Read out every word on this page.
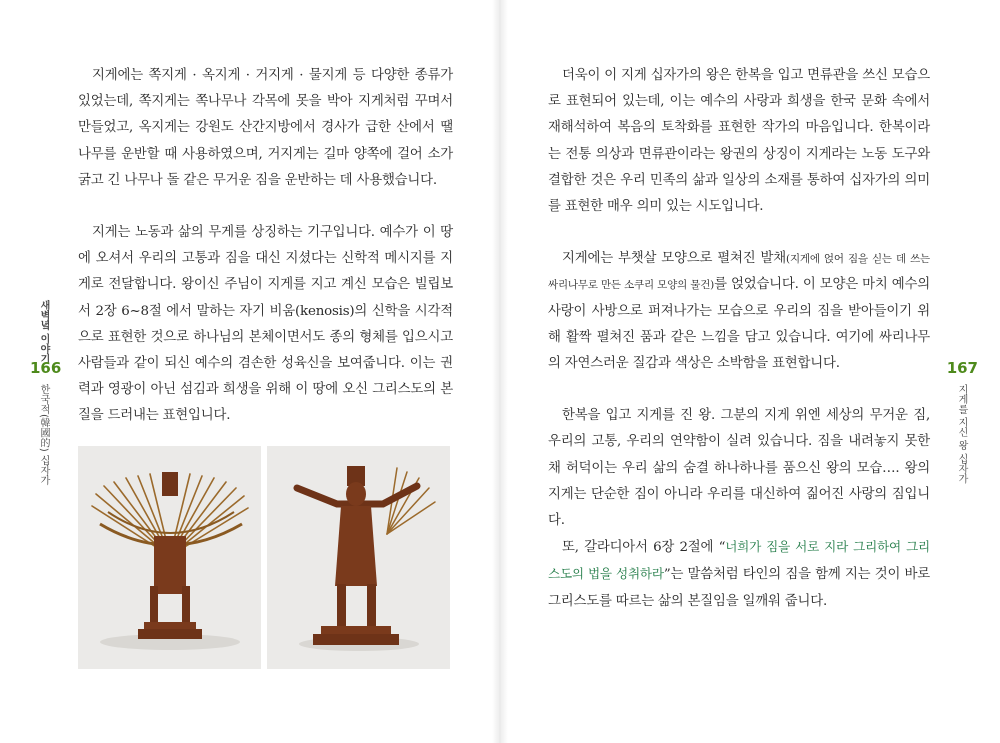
지게에는 쪽지게 · 옥지게 · 거지게 · 물지게 등 다양한 종류가 있었는데, 쪽지게는 쪽나무나 각목에 못을 박아 지게처럼 꾸며서 만들었고, 옥지게는 강원도 산간지방에서 경사가 급한 산에서 땔나무를 운반할 때 사용하였으며, 거지게는 길마 양쪽에 걸어 소가 굵고 긴 나무나 돌 같은 무거운 짐을 운반하는 데 사용했습니다.

지게는 노동과 삶의 무게를 상징하는 기구입니다. 예수가 이 땅에 오셔서 우리의 고통과 짐을 대신 지셨다는 신학적 메시지를 지게로 전달합니다. 왕이신 주님이 지게를 지고 계신 모습은 빌립보서 2장 6~8절 에서 말하는 자기 비움(kenosis)의 신학을 시각적으로 표현한 것으로 하나님의 본체이면서도 종의 형체를 입으시고 사람들과 같이 되신 예수의 겸손한 성육신을 보여줍니다. 이는 권력과 영광이 아닌 섬김과 희생을 위해 이 땅에 오신 그리스도의 본질을 드러내는 표현입니다.

새벽녘 이야기
166
한국적(韓國的) 십자가

더욱이 이 지게 십자가의 왕은 한복을 입고 면류관을 쓰신 모습으로 표현되어 있는데, 이는 예수의 사랑과 희생을 한국 문화 속에서 재해석하여 복음의 토착화를 표현한 작가의 마음입니다. 한복이라는 전통 의상과 면류관이라는 왕권의 상징이 지게라는 노동 도구와 결합한 것은 우리 민족의 삶과 일상의 소재를 통하여 십자가의 의미를 표현한 매우 의미 있는 시도입니다.

지게에는 부챗살 모양으로 펼쳐진 발채(지게에 얹어 짐을 싣는 데 쓰는 싸리나무로 만든 소쿠리 모양의 물건)를 얹었습니다. 이 모양은 마치 예수의 사랑이 사방으로 퍼져나가는 모습으로 우리의 짐을 받아들이기 위해 활짝 펼쳐진 품과 같은 느낌을 담고 있습니다. 여기에 싸리나무의 자연스러운 질감과 색상은 소박함을 표현합니다.

한복을 입고 지게를 진 왕. 그분의 지게 위엔 세상의 무거운 짐, 우리의 고통, 우리의 연약함이 실려 있습니다. 짐을 내려놓지 못한 채 허덕이는 우리 삶의 숨결 하나하나를 품으신 왕의 모습…. 왕의 지게는 단순한 짐이 아니라 우리를 대신하여 짊어진 사랑의 짐입니다.

또, 갈라디아서 6장 2절에 “너희가 짐을 서로 지라 그리하여 그리스도의 법을 성취하라”는 말씀처럼 타인의 짐을 함께 지는 것이 바로 그리스도를 따르는 삶의 본질임을 일깨워 줍니다.

167
지게를 지신 왕 십자가
